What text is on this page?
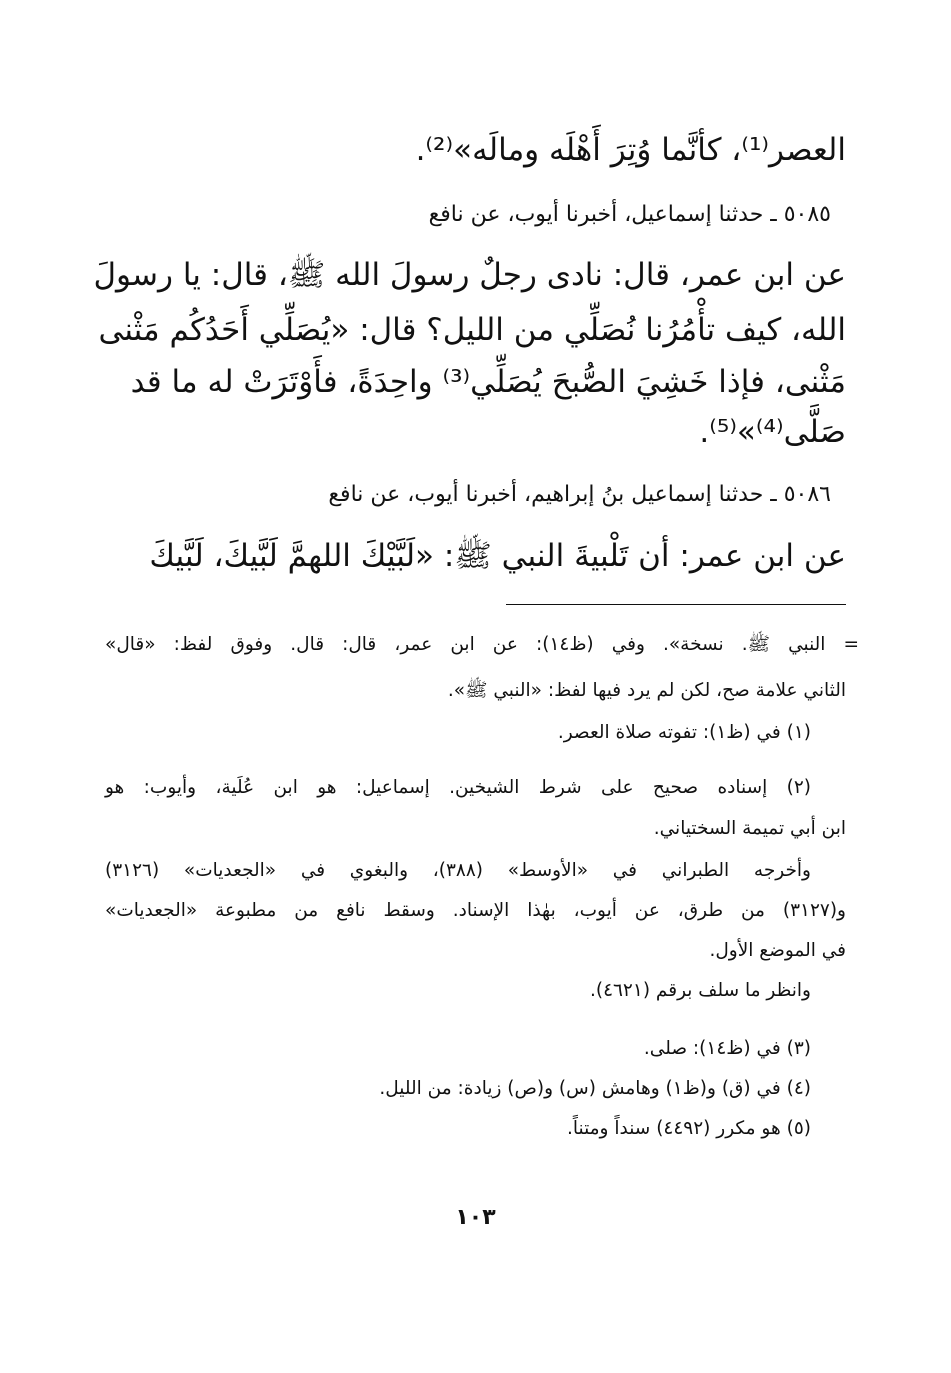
العصر⁽¹⁾، كأنَّما وُتِرَ أَهْلَه ومالَه»⁽²⁾.
٥٠٨٥ ـ حدثنا إسماعيل، أخبرنا أيوب، عن نافع
عن ابن عمر، قال: نادى رجلٌ رسولَ الله ﷺ، قال: يا رسولَ
الله، كيف تأْمُرُنا نُصَلِّي من الليل؟ قال: «يُصَلِّي أَحَدُكُم مَثْنى
مَثْنى، فإذا خَشِيَ الصُّبحَ يُصَلِّي⁽³⁾ واحِدَةً، فأَوْتَرَتْ له ما قد
صَلَّى⁽⁴⁾»⁽⁵⁾.
٥٠٨٦ ـ حدثنا إسماعيل بنُ إبراهيم، أخبرنا أيوب، عن نافع
عن ابن عمر: أن تَلْبيةَ النبي ﷺ: «لَبَّيْكَ اللهمَّ لَبَّيكَ، لَبَّيكَ
= النبي ﷺ. نسخة». وفي (ظ١٤): عن ابن عمر، قال: قال. وفوق لفظ: «قال»
الثاني علامة صح، لكن لم يرد فيها لفظ: «النبي ﷺ».
(١) في (ظ١): تفوته صلاة العصر.
(٢) إسناده صحيح على شرط الشيخين. إسماعيل: هو ابن عُلَية، وأيوب: هو
ابن أبي تميمة السختياني.
وأخرجه الطبراني في «الأوسط» (٣٨٨)، والبغوي في «الجعديات» (٣١٢٦)
و(٣١٢٧) من طرق، عن أيوب، بهٰذا الإسناد. وسقط نافع من مطبوعة «الجعديات»
في الموضع الأول.
وانظر ما سلف برقم (٤٦٢١).
(٣) في (ظ١٤): صلى.
(٤) في (ق) و(ظ١) وهامش (س) و(ص) زيادة: من الليل.
(٥) هو مكرر (٤٤٩٢) سنداً ومتناً.
١٠٣
